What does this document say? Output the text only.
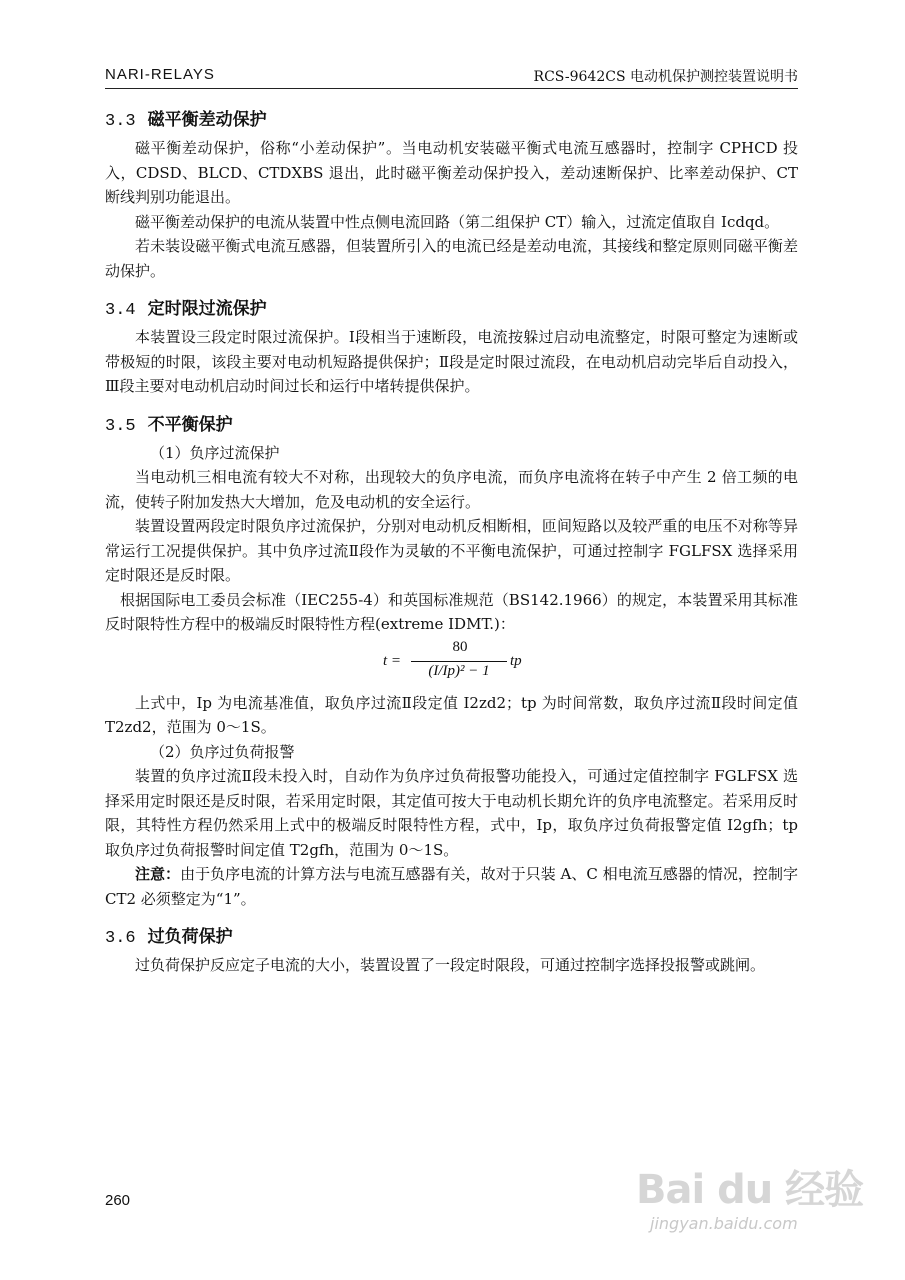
NARI-RELAYS	RCS-9642CS 电动机保护测控装置说明书
3.3 磁平衡差动保护

磁平衡差动保护，俗称“小差动保护”。当电动机安装磁平衡式电流互感器时，控制字 CPHCD 投入，CDSD、BLCD、CTDXBS 退出，此时磁平衡差动保护投入，差动速断保护、比率差动保护、CT 断线判别功能退出。

磁平衡差动保护的电流从装置中性点侧电流回路（第二组保护 CT）输入，过流定值取自 Icdqd。

若未装设磁平衡式电流互感器，但装置所引入的电流已经是差动电流，其接线和整定原则同磁平衡差动保护。

3.4 定时限过流保护

本装置设三段定时限过流保护。Ⅰ段相当于速断段，电流按躲过启动电流整定，时限可整定为速断或带极短的时限，该段主要对电动机短路提供保护；Ⅱ段是定时限过流段，在电动机启动完毕后自动投入，Ⅲ段主要对电动机启动时间过长和运行中堵转提供保护。

3.5 不平衡保护

（1）负序过流保护

当电动机三相电流有较大不对称，出现较大的负序电流，而负序电流将在转子中产生 2 倍工频的电流，使转子附加发热大大增加，危及电动机的安全运行。

装置设置两段定时限负序过流保护，分别对电动机反相断相，匝间短路以及较严重的电压不对称等异常运行工况提供保护。其中负序过流Ⅱ段作为灵敏的不平衡电流保护，可通过控制字 FGLFSX 选择采用定时限还是反时限。

根据国际电工委员会标准（IEC255-4）和英国标准规范（BS142.1966）的规定，本装置采用其标准反时限特性方程中的极端反时限特性方程(extreme IDMT.)：

t =
80
(I/Ip)² − 1
tp

上式中，Ip 为电流基准值，取负序过流Ⅱ段定值 I2zd2；tp 为时间常数，取负序过流Ⅱ段时间定值 T2zd2，范围为 0～1S。

（2）负序过负荷报警

装置的负序过流Ⅱ段未投入时，自动作为负序过负荷报警功能投入，可通过定值控制字 FGLFSX 选择采用定时限还是反时限，若采用定时限，其定值可按大于电动机长期允许的负序电流整定。若采用反时限，其特性方程仍然采用上式中的极端反时限特性方程，式中，Ip，取负序过负荷报警定值 I2gfh；tp 取负序过负荷报警时间定值 T2gfh，范围为 0～1S。

注意：由于负序电流的计算方法与电流互感器有关，故对于只装 A、C 相电流互感器的情况，控制字 CT2 必须整定为“1”。

3.6 过负荷保护

过负荷保护反应定子电流的大小，装置设置了一段定时限段，可通过控制字选择投报警或跳闸。

260	Bai du 经验
jingyan.baidu.com
